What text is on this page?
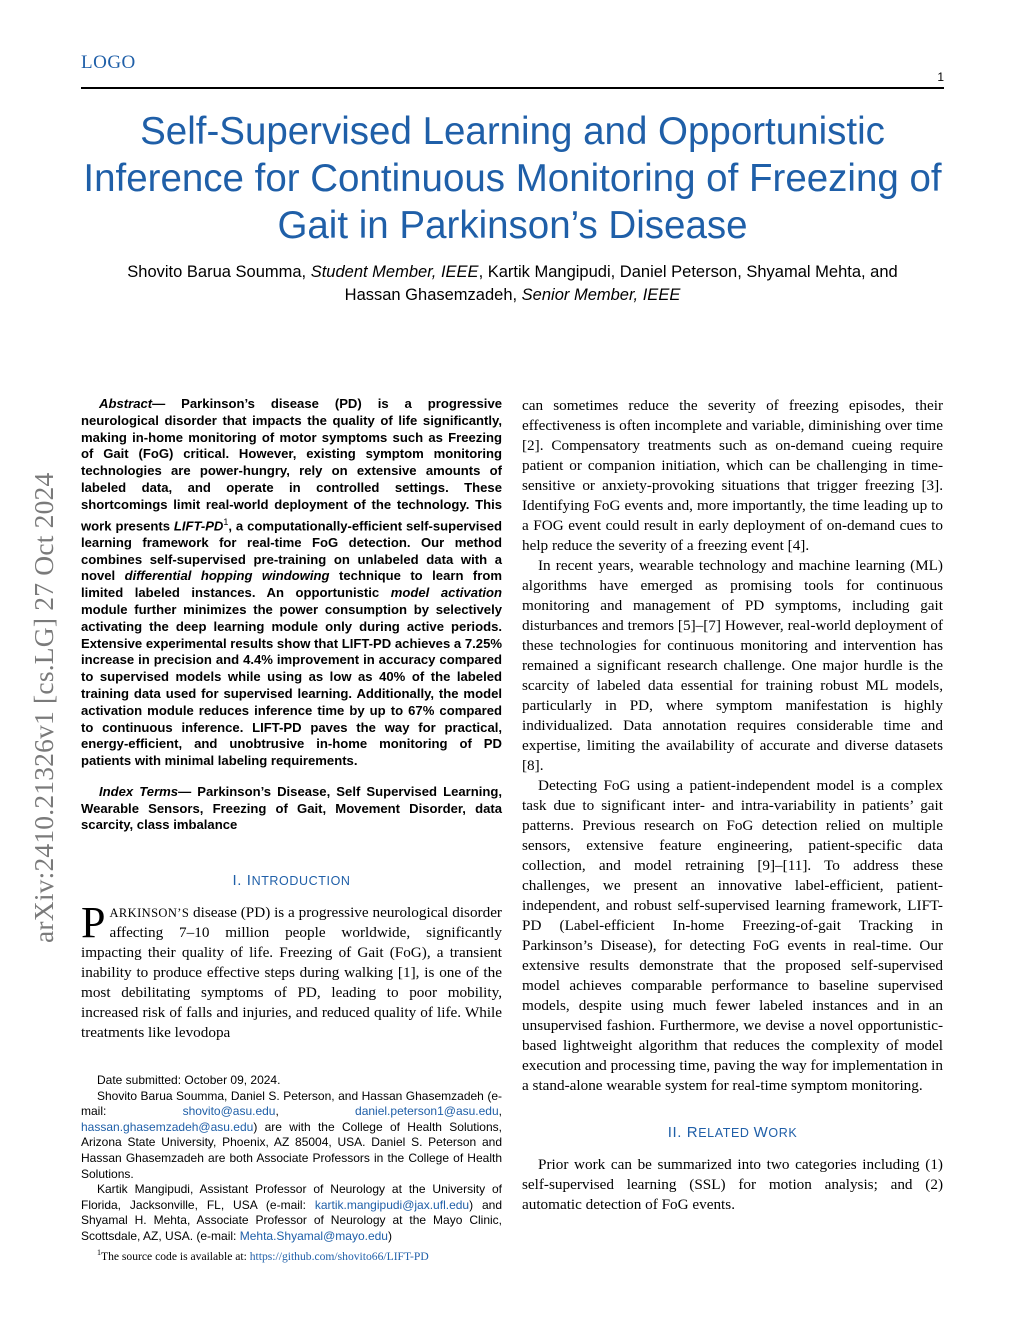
LOGO
1
Self-Supervised Learning and Opportunistic Inference for Continuous Monitoring of Freezing of Gait in Parkinson’s Disease
Shovito Barua Soumma, Student Member, IEEE, Kartik Mangipudi, Daniel Peterson, Shyamal Mehta, and
Hassan Ghasemzadeh, Senior Member, IEEE
arXiv:2410.21326v1 [cs.LG] 27 Oct 2024

Abstract— Parkinson’s disease (PD) is a progressive neurological disorder that impacts the quality of life significantly, making in-home monitoring of motor symptoms such as Freezing of Gait (FoG) critical. However, existing symptom monitoring technologies are power-hungry, rely on extensive amounts of labeled data, and operate in controlled settings. These shortcomings limit real-world deployment of the technology. This work presents LIFT-$PD^1$, a computationally-efficient self-supervised learning framework for real-time FoG detection. Our method combines self-supervised pre-training on unlabeled data with a novel differential hopping windowing technique to learn from limited labeled instances. An opportunistic model activation module further minimizes the power consumption by selectively activating the deep learning module only during active periods. Extensive experimental results show that LIFT-PD achieves a 7.25% increase in precision and 4.4% improvement in accuracy compared to supervised models while using as low as 40% of the labeled training data used for supervised learning. Additionally, the model activation module reduces inference time by up to 67% compared to continuous inference. LIFT-PD paves the way for practical, energy-efficient, and unobtrusive in-home monitoring of PD patients with minimal labeling requirements.

Index Terms— Parkinson’s Disease, Self Supervised Learning, Wearable Sensors, Freezing of Gait, Movement Disorder, data scarcity, class imbalance

I. INTRODUCTION

PARKINSON’S disease (PD) is a progressive neurological disorder affecting 7–10 million people worldwide, significantly impacting their quality of life. Freezing of Gait (FoG), a transient inability to produce effective steps during walking [1], is one of the most debilitating symptoms of PD, leading to poor mobility, increased risk of falls and injuries, and reduced quality of life. While treatments like levodopa

Date submitted: October 09, 2024.

Shovito Barua Soumma, Daniel S. Peterson, and Hassan Ghasemzadeh (e-mail: shovito@asu.edu, daniel.peterson1@asu.edu, hassan.ghasemzadeh@asu.edu) are with the College of Health Solutions, Arizona State University, Phoenix, AZ 85004, USA. Daniel S. Peterson and Hassan Ghasemzadeh are both Associate Professors in the College of Health Solutions.

Kartik Mangipudi, Assistant Professor of Neurology at the University of Florida, Jacksonville, FL, USA (e-mail: kartik.mangipudi@jax.ufl.edu) and Shyamal H. Mehta, Associate Professor of Neurology at the Mayo Clinic, Scottsdale, AZ, USA. (e-mail: Mehta.Shyamal@mayo.edu)

$^1$The source code is available at: https://github.com/shovito66/LIFT-PD

can sometimes reduce the severity of freezing episodes, their effectiveness is often incomplete and variable, diminishing over time [2]. Compensatory treatments such as on-demand cueing require patient or companion initiation, which can be challenging in time-sensitive or anxiety-provoking situations that trigger freezing [3]. Identifying FoG events and, more importantly, the time leading up to a FOG event could result in early deployment of on-demand cues to help reduce the severity of a freezing event [4].

In recent years, wearable technology and machine learning (ML) algorithms have emerged as promising tools for continuous monitoring and management of PD symptoms, including gait disturbances and tremors [5]–[7] However, real-world deployment of these technologies for continuous monitoring and intervention has remained a significant research challenge. One major hurdle is the scarcity of labeled data essential for training robust ML models, particularly in PD, where symptom manifestation is highly individualized. Data annotation requires considerable time and expertise, limiting the availability of accurate and diverse datasets [8].

Detecting FoG using a patient-independent model is a complex task due to significant inter- and intra-variability in patients’ gait patterns. Previous research on FoG detection relied on multiple sensors, extensive feature engineering, patient-specific data collection, and model retraining [9]–[11]. To address these challenges, we present an innovative label-efficient, patient-independent, and robust self-supervised learning framework, LIFT-PD (Label-efficient In-home Freezing-of-gait Tracking in Parkinson’s Disease), for detecting FoG events in real-time. Our extensive results demonstrate that the proposed self-supervised model achieves comparable performance to baseline supervised models, despite using much fewer labeled instances and in an unsupervised fashion. Furthermore, we devise a novel opportunistic-based lightweight algorithm that reduces the complexity of model execution and processing time, paving the way for implementation in a stand-alone wearable system for real-time symptom monitoring.

II. RELATED WORK

Prior work can be summarized into two categories including (1) self-supervised learning (SSL) for motion analysis; and (2) automatic detection of FoG events.
